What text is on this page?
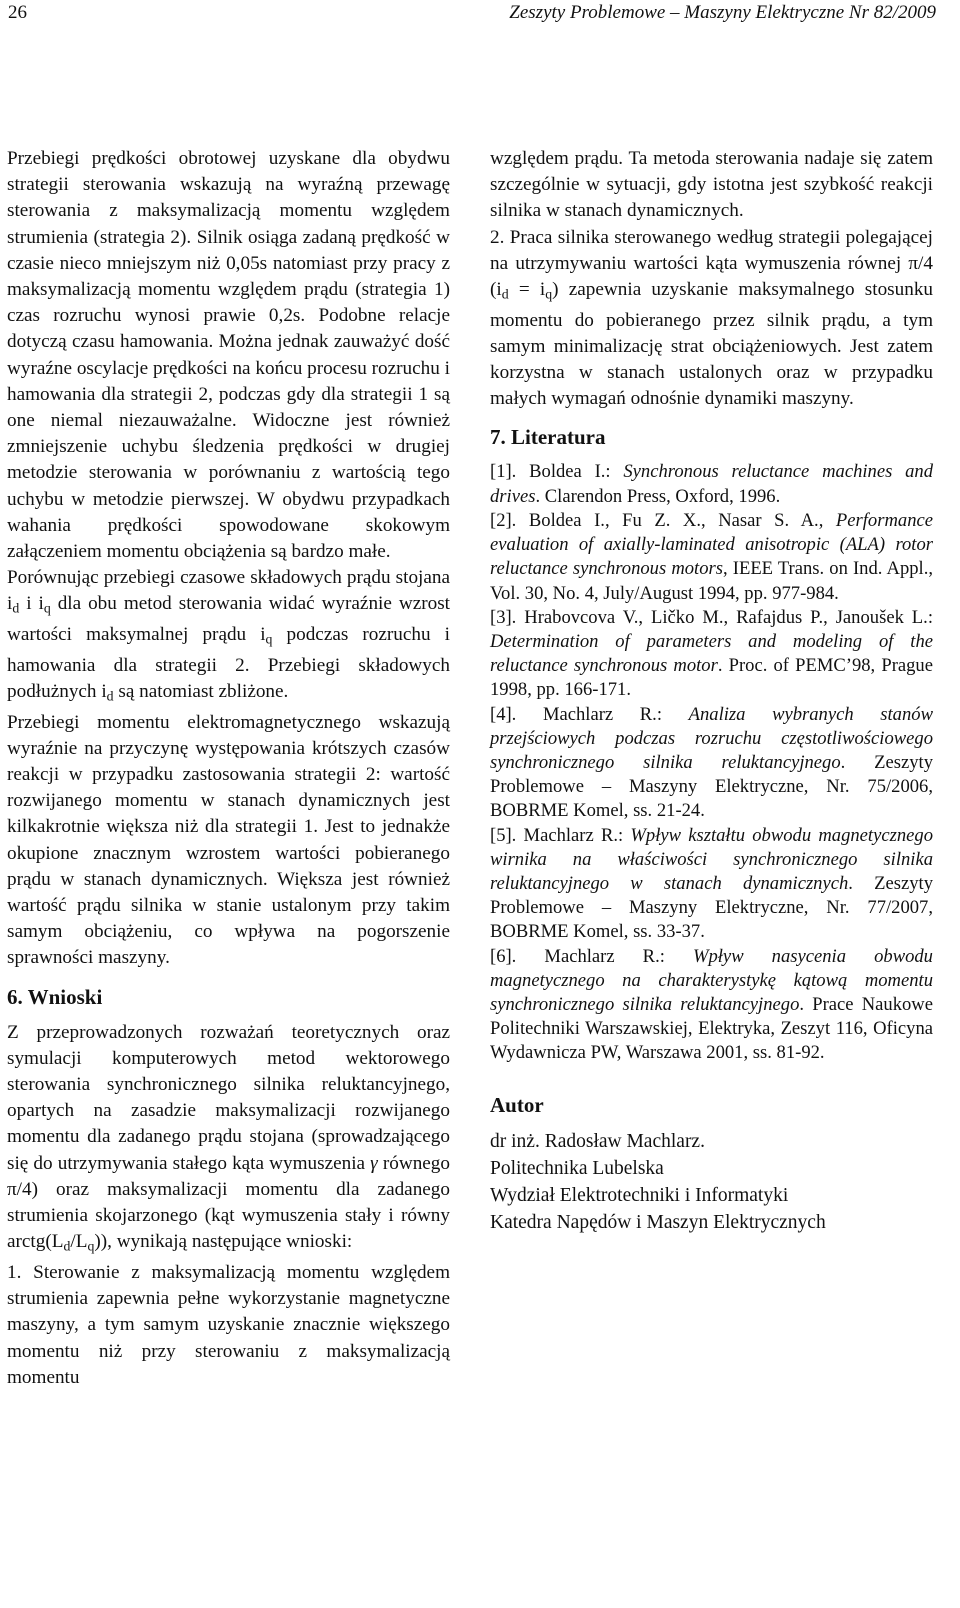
26	Zeszyty Problemowe – Maszyny Elektryczne Nr 82/2009

Przebiegi prędkości obrotowej uzyskane dla obydwu strategii sterowania wskazują na wyraźną przewagę sterowania z maksymalizacją momentu względem strumienia (strategia 2). Silnik osiąga zadaną prędkość w czasie nieco mniejszym niż 0,05s natomiast przy pracy z maksymalizacją momentu względem prądu (strategia 1) czas rozruchu wynosi prawie 0,2s. Podobne relacje dotyczą czasu hamowania. Można jednak zauważyć dość wyraźne oscylacje prędkości na końcu procesu rozruchu i hamowania dla strategii 2, podczas gdy dla strategii 1 są one niemal niezauważalne. Widoczne jest również zmniejszenie uchybu śledzenia prędkości w drugiej metodzie sterowania w porównaniu z wartością tego uchybu w metodzie pierwszej. W obydwu przypadkach wahania prędkości spowodowane skokowym załączeniem momentu obciążenia są bardzo małe.

Porównując przebiegi czasowe składowych prądu stojana $i_d$ i $i_q$ dla obu metod sterowania widać wyraźnie wzrost wartości maksymalnej prądu $i_q$ podczas rozruchu i hamowania dla strategii 2. Przebiegi składowych podłużnych $i_d$ są natomiast zbliżone.

Przebiegi momentu elektromagnetycznego wskazują wyraźnie na przyczynę występowania krótszych czasów reakcji w przypadku zastosowania strategii 2: wartość rozwijanego momentu w stanach dynamicznych jest kilkakrotnie większa niż dla strategii 1. Jest to jednakże okupione znacznym wzrostem wartości pobieranego prądu w stanach dynamicznych. Większa jest również wartość prądu silnika w stanie ustalonym przy takim samym obciążeniu, co wpływa na pogorszenie sprawności maszyny.

6. Wnioski

Z przeprowadzonych rozważań teoretycznych oraz symulacji komputerowych metod wektorowego sterowania synchronicznego silnika reluktancyjnego, opartych na zasadzie maksymalizacji rozwijanego momentu dla zadanego prądu stojana (sprowadzającego się do utrzymywania stałego kąta wymuszenia γ równego π/4) oraz maksymalizacji momentu dla zadanego strumienia skojarzonego (kąt wymuszenia stały i równy $arctg(L_d/L_q)$), wynikają następujące wnioski:

1. Sterowanie z maksymalizacją momentu względem strumienia zapewnia pełne wykorzystanie magnetyczne maszyny, a tym samym uzyskanie znacznie większego momentu niż przy sterowaniu z maksymalizacją momentu

względem prądu. Ta metoda sterowania nadaje się zatem szczególnie w sytuacji, gdy istotna jest szybkość reakcji silnika w stanach dynamicznych.

2. Praca silnika sterowanego według strategii polegającej na utrzymywaniu wartości kąta wymuszenia równej π/4 $(i_d = i_q)$ zapewnia uzyskanie maksymalnego stosunku momentu do pobieranego przez silnik prądu, a tym samym minimalizację strat obciążeniowych. Jest zatem korzystna w stanach ustalonych oraz w przypadku małych wymagań odnośnie dynamiki maszyny.

7. Literatura

[1]. Boldea I.: Synchronous reluctance machines and drives. Clarendon Press, Oxford, 1996.

[2]. Boldea I., Fu Z. X., Nasar S. A., Performance evaluation of axially-laminated anisotropic (ALA) rotor reluctance synchronous motors, IEEE Trans. on Ind. Appl., Vol. 30, No. 4, July/August 1994, pp. 977-984.

[3]. Hrabovcova V., Ličko M., Rafajdus P., Janoušek L.: Determination of parameters and modeling of the reluctance synchronous motor. Proc. of PEMC’98, Prague 1998, pp. 166-171.

[4]. Machlarz R.: Analiza wybranych stanów przejściowych podczas rozruchu częstotliwościowego synchronicznego silnika reluktancyjnego. Zeszyty Problemowe – Maszyny Elektryczne, Nr. 75/2006, BOBRME Komel, ss. 21-24.

[5]. Machlarz R.: Wpływ kształtu obwodu magnetycznego wirnika na właściwości synchronicznego silnika reluktancyjnego w stanach dynamicznych. Zeszyty Problemowe – Maszyny Elektryczne, Nr. 77/2007, BOBRME Komel, ss. 33-37.

[6]. Machlarz R.: Wpływ nasycenia obwodu magnetycznego na charakterystykę kątową momentu synchronicznego silnika reluktancyjnego. Prace Naukowe Politechniki Warszawskiej, Elektryka, Zeszyt 116, Oficyna Wydawnicza PW, Warszawa 2001, ss. 81-92.

Autor

dr inż. Radosław Machlarz.

Politechnika Lubelska

Wydział Elektrotechniki i Informatyki

Katedra Napędów i Maszyn Elektrycznych
